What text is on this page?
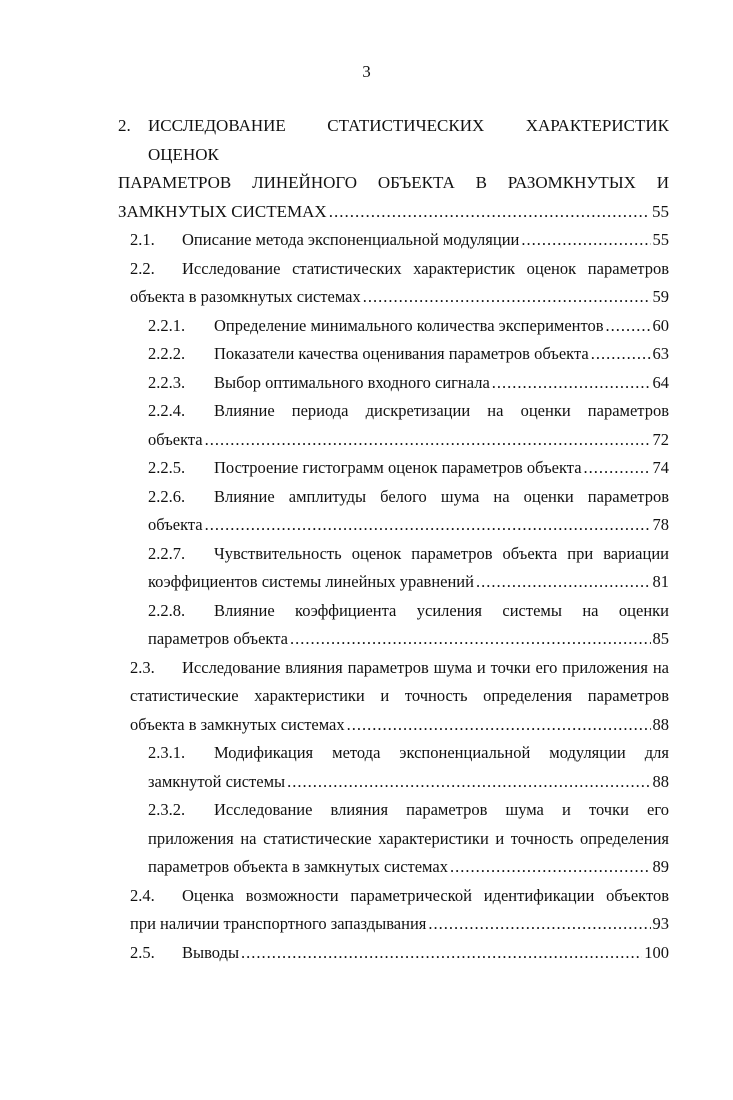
3
2.	ИССЛЕДОВАНИЕ СТАТИСТИЧЕСКИХ ХАРАКТЕРИСТИК ОЦЕНОК
ПАРАМЕТРОВ ЛИНЕЙНОГО ОБЪЕКТА В РАЗОМКНУТЫХ И
ЗАМКНУТЫХ СИСТЕМАХ .....	55
2.1.	Описание метода экспоненциальной модуляции .....	55
2.2.	Исследование статистических характеристик оценок параметров
объекта в разомкнутых системах .....	59
2.2.1.	Определение минимального количества экспериментов .....	60
2.2.2.	Показатели качества оценивания параметров объекта .....	63
2.2.3.	Выбор оптимального входного сигнала .....	64
2.2.4.	Влияние периода дискретизации на оценки параметров
объекта .....	72
2.2.5.	Построение гистограмм оценок параметров объекта .....	74
2.2.6.	Влияние амплитуды белого шума на оценки параметров
объекта .....	78
2.2.7.	Чувствительность оценок параметров объекта при вариации
коэффициентов системы линейных уравнений .....	81
2.2.8.	Влияние коэффициента усиления системы на оценки
параметров объекта .....	85
2.3.	Исследование влияния параметров шума и точки его приложения на
статистические характеристики и точность определения параметров
объекта в замкнутых системах .....	88
2.3.1.	Модификация метода экспоненциальной модуляции для
замкнутой системы .....	88
2.3.2.	Исследование влияния параметров шума и точки его
приложения на статистические характеристики и точность определения
параметров объекта в замкнутых системах .....	89
2.4.	Оценка возможности параметрической идентификации объектов
при наличии транспортного запаздывания .....	93
2.5.	Выводы .....	100
